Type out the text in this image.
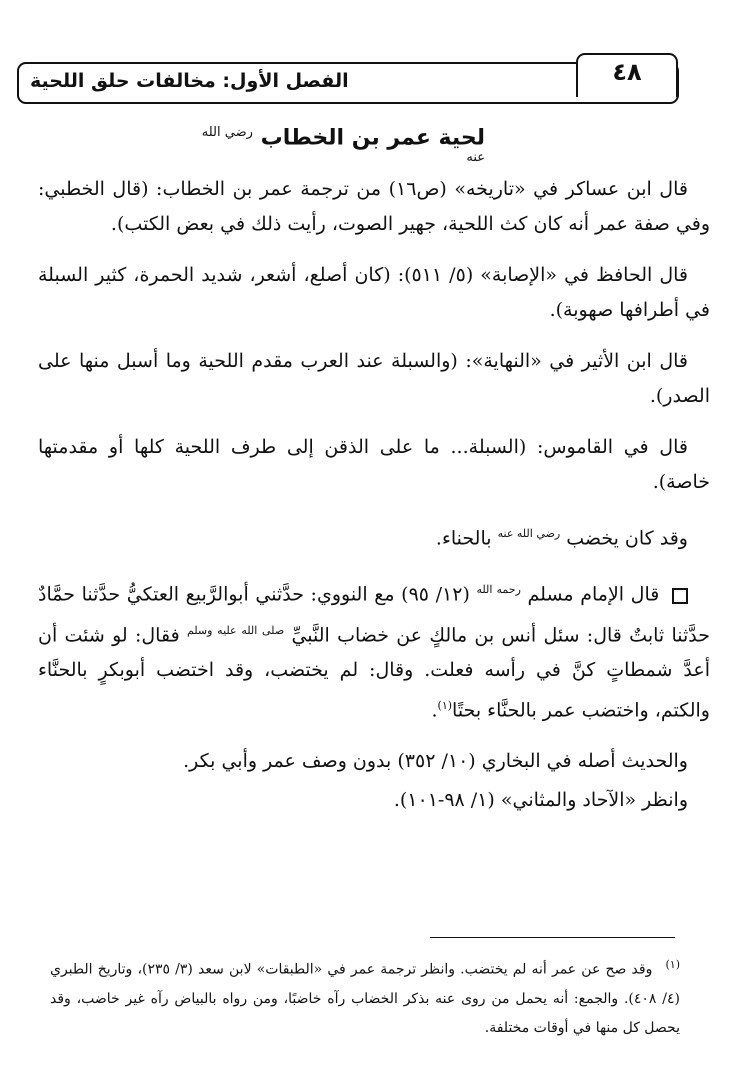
الفصل الأول: مخالفات حلق اللحية	٤٨
لحية عمر بن الخطاب $^{رضي الله عنه}$

قال ابن عساكر في «تاريخه» (ص١٦) من ترجمة عمر بن الخطاب: (قال الخطبي: وفي صفة عمر أنه كان كث اللحية، جهير الصوت، رأيت ذلك في بعض الكتب).

قال الحافظ في «الإصابة» (٥/ ٥١١): (كان أصلع، أشعر، شديد الحمرة، كثير السبلة في أطرافها صهوبة).

قال ابن الأثير في «النهاية»: (والسبلة عند العرب مقدم اللحية وما أسبل منها على الصدر).

قال في القاموس: (السبلة... ما على الذقن إلى طرف اللحية كلها أو مقدمتها خاصة).

وقد كان يخضب $^{رضي الله عنه}$ بالحناء.

قال الإمام مسلم $^{رحمه الله}$ (١٢/ ٩٥) مع النووي: حدَّثني أبوالرَّبيع العتكيُّ حدَّثنا حمَّادٌ حدَّثنا ثابتٌ قال: سئل أنس بن مالكٍ عن خضاب النَّبيِّ $^{صلى الله عليه وسلم}$ فقال: لو شئت أن أعدَّ شمطاتٍ كنَّ في رأسه فعلت. وقال: لم يختضب، وقد اختضب أبوبكرٍ بالحنَّاء والكتم، واختضب عمر بالحنَّاء بحتًا$^{(١)}$.

والحديث أصله في البخاري (١٠/ ٣٥٢) بدون وصف عمر وأبي بكر.

وانظر «الآحاد والمثاني» (١/ ٩٨-١٠١).

$^{(١)}$ وقد صح عن عمر أنه لم يختضب. وانظر ترجمة عمر في «الطبقات» لابن سعد (٣/ ٢٣٥)، وتاريخ الطبري (٤/ ٤٠٨). والجمع: أنه يحمل من روى عنه بذكر الخضاب رآه خاضبًا، ومن رواه بالبياض رآه غير خاضب، وقد يحصل كل منها في أوقات مختلفة.
